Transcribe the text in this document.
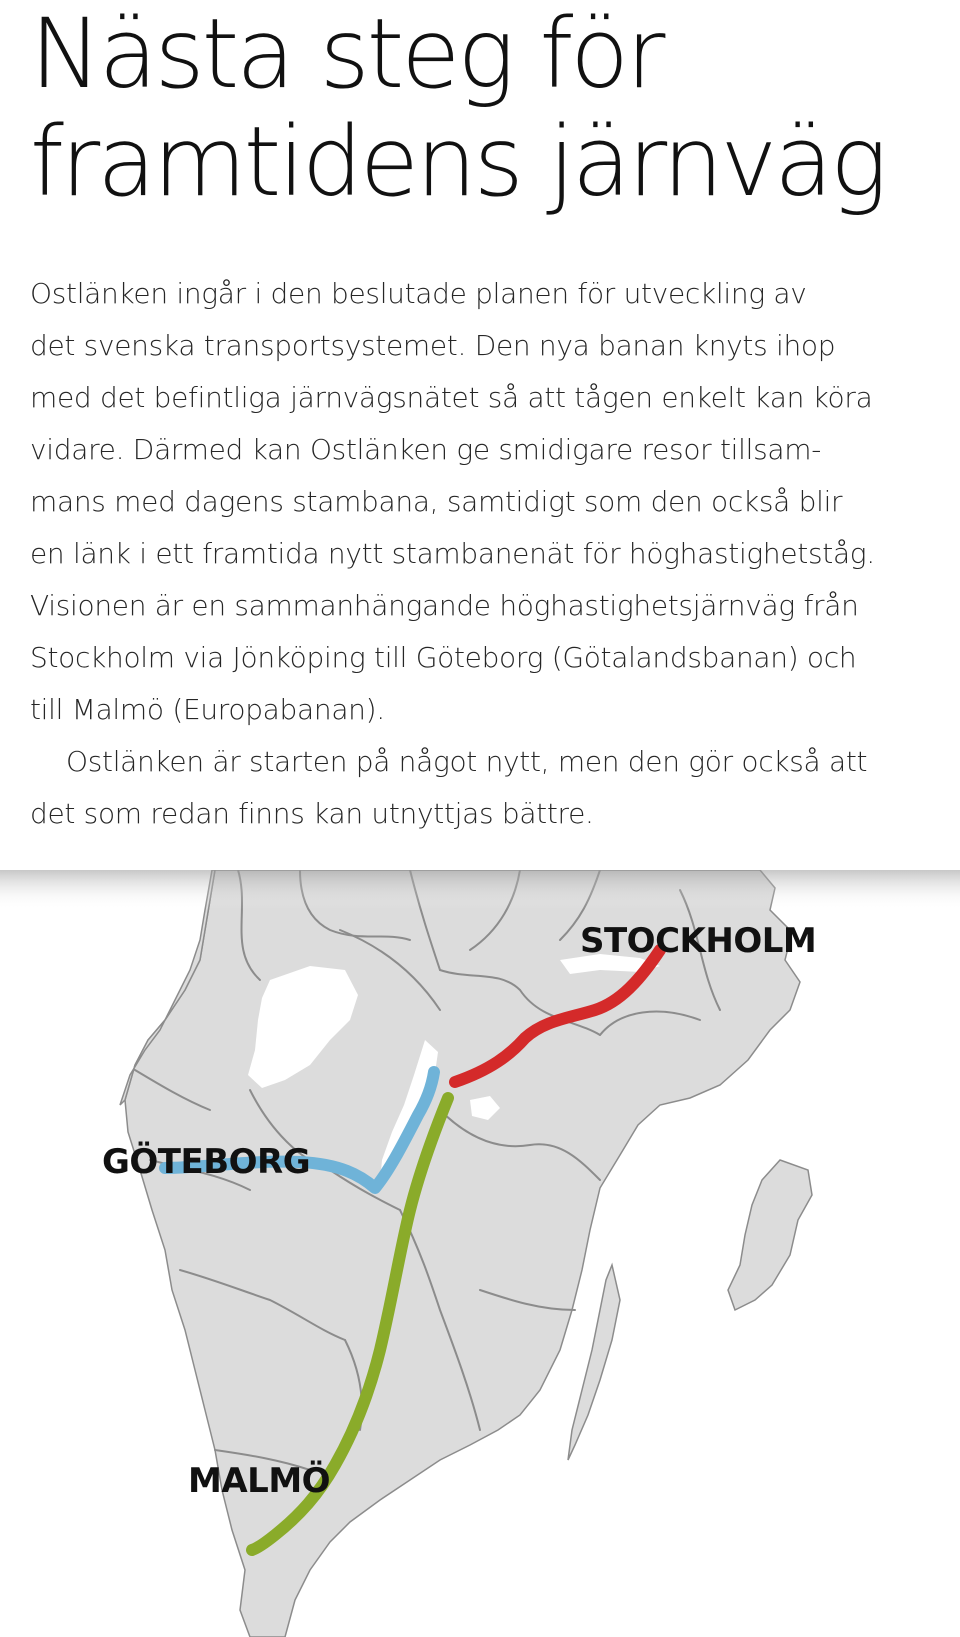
Nästa steg för
framtidens järnväg
Ostlänken ingår i den beslutade planen för utveckling av
det svenska transportsystemet. Den nya banan knyts ihop
med det befintliga järnvägsnätet så att tågen enkelt kan köra
vidare. Därmed kan Ostlänken ge smidigare resor tillsam-
mans med dagens stambana, samtidigt som den också blir
en länk i ett framtida nytt stambanenät för höghastighetståg.
Visionen är en sammanhängande höghastighetsjärnväg från
Stockholm via Jönköping till Göteborg (Götalandsbanan) och
till Malmö (Europabanan).
Ostlänken är starten på något nytt, men den gör också att
det som redan finns kan utnyttjas bättre.
STOCKHOLM
GÖTEBORG
MALMÖ
